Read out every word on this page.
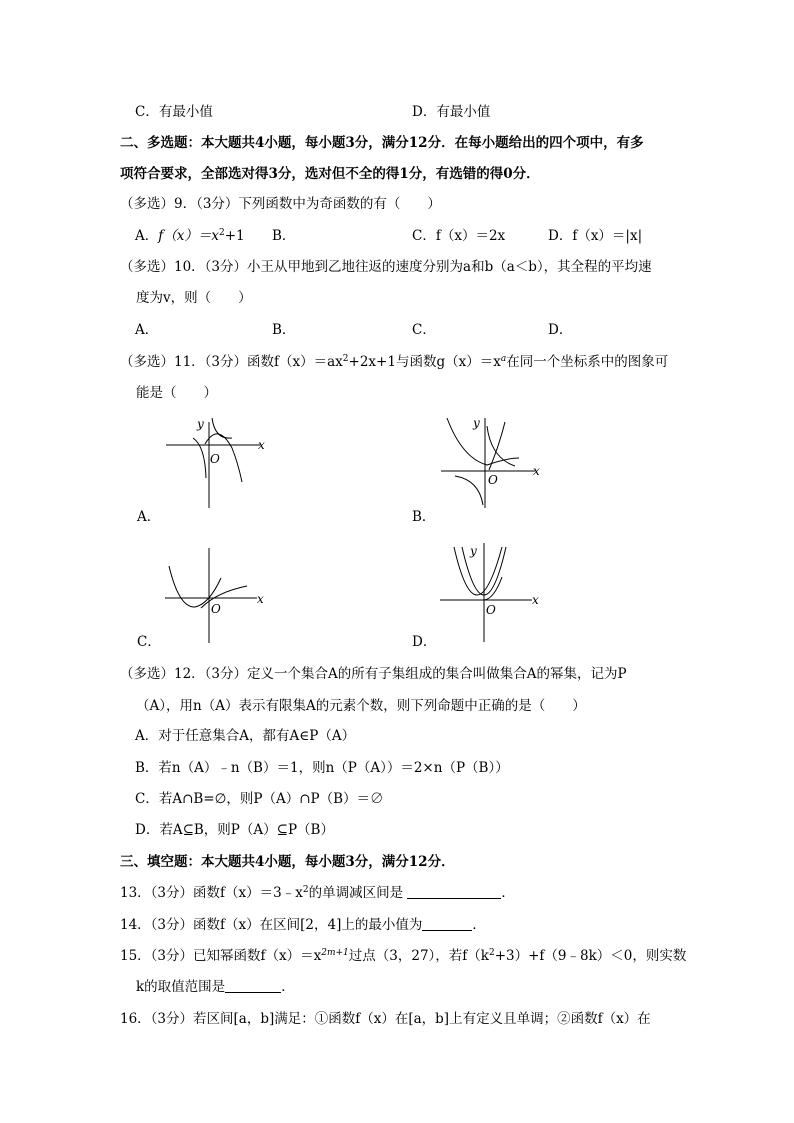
C．有最小值	D．有最小值
二、多选题：本大题共4小题，每小题3分，满分12分．在每小题给出的四个项中，有多
项符合要求，全部选对得3分，选对但不全的得1分，有选错的得0分．
（多选）9．（3分）下列函数中为奇函数的有（　　）
A．$f(x)=x^2+1$ B．	C．f（x）＝2x	D．f（x）＝|x|
（多选）10．（3分）小王从甲地到乙地往返的速度分别为a和b（a＜b），其全程的平均速
度为v，则（　　）
A．	B．	C．	D．
（多选）11．（3分）函数$f(x)=ax^2+2x+1$与函数$g(x)=x^a$在同一个坐标系中的图象可
能是（　　）
x
y
O
A．
x
y
O
B．
x
O
C．
x
y
O
D．
（多选）12．（3分）定义一个集合A的所有子集组成的集合叫做集合A的幂集，记为P
（A），用n（A）表示有限集A的元素个数，则下列命题中正确的是（　　）
A．对于任意集合A，都有A∈P（A）
B．若n（A）﹣n（B）＝1，则n（P（A））＝2×n（P（B））
C．若A∩B=∅，则P（A）∩P（B）＝∅
D．若A⊆B，则P（A）⊆P（B）
三、填空题：本大题共4小题，每小题3分，满分12分．
13．（3分）函数$f(x)=3﹣x^2$的单调减区间是	．
14．（3分）函数f（x）在区间[2，4]上的最小值为	．
15．（3分）已知幂函数$f(x)=x^{2m+1}$过点（3，27），若$f(k^2+3)+f(9﹣8k)<0$，则实数
k的取值范围是	．
16．（3分）若区间[a，b]满足：①函数f（x）在[a，b]上有定义且单调；②函数f（x）在
